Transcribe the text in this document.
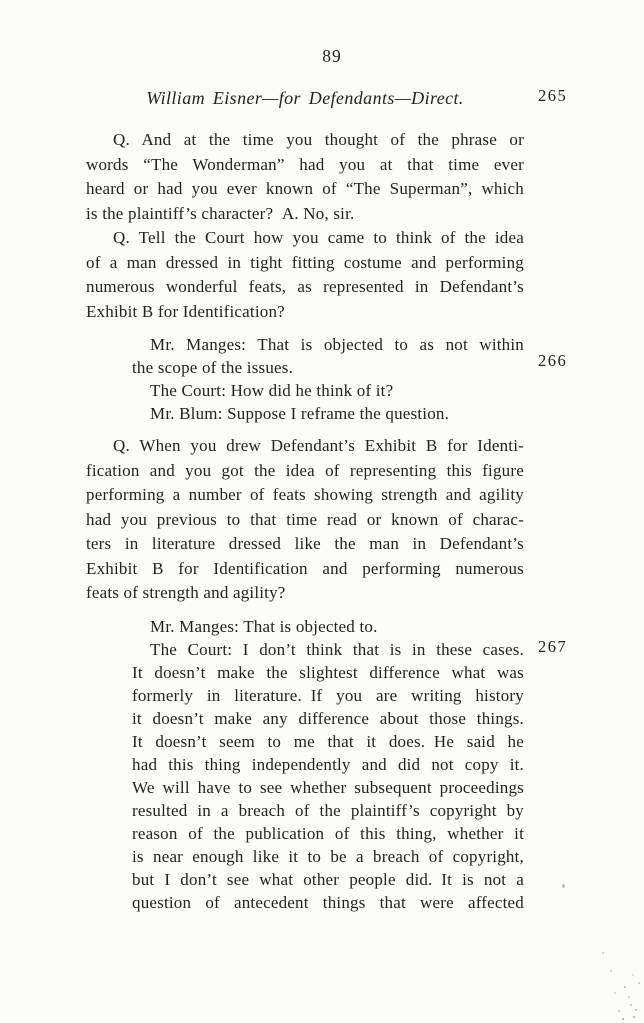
89
William Eisner—for Defendants—Direct.	265
266
267
Q. And at the time you thought of the phrase or
words “The Wonderman” had you at that time ever
heard or had you ever known of “The Superman”, which
is the plaintiff’s character? A. No, sir.
Q. Tell the Court how you came to think of the idea
of a man dressed in tight fitting costume and performing
numerous wonderful feats, as represented in Defendant’s
Exhibit B for Identification?
Mr. Manges: That is objected to as not within
the scope of the issues.
The Court: How did he think of it?
Mr. Blum: Suppose I reframe the question.
Q. When you drew Defendant’s Exhibit B for Identi-
fication and you got the idea of representing this figure
performing a number of feats showing strength and agility
had you previous to that time read or known of charac-
ters in literature dressed like the man in Defendant’s
Exhibit B for Identification and performing numerous
feats of strength and agility?
Mr. Manges: That is objected to.
The Court: I don’t think that is in these cases.
It doesn’t make the slightest difference what was
formerly in literature. If you are writing history
it doesn’t make any difference about those things.
It doesn’t seem to me that it does. He said he
had this thing independently and did not copy it.
We will have to see whether subsequent proceedings
resulted in a breach of the plaintiff’s copyright by
reason of the publication of this thing, whether it
is near enough like it to be a breach of copyright,
but I don’t see what other people did. It is not a
question of antecedent things that were affected
